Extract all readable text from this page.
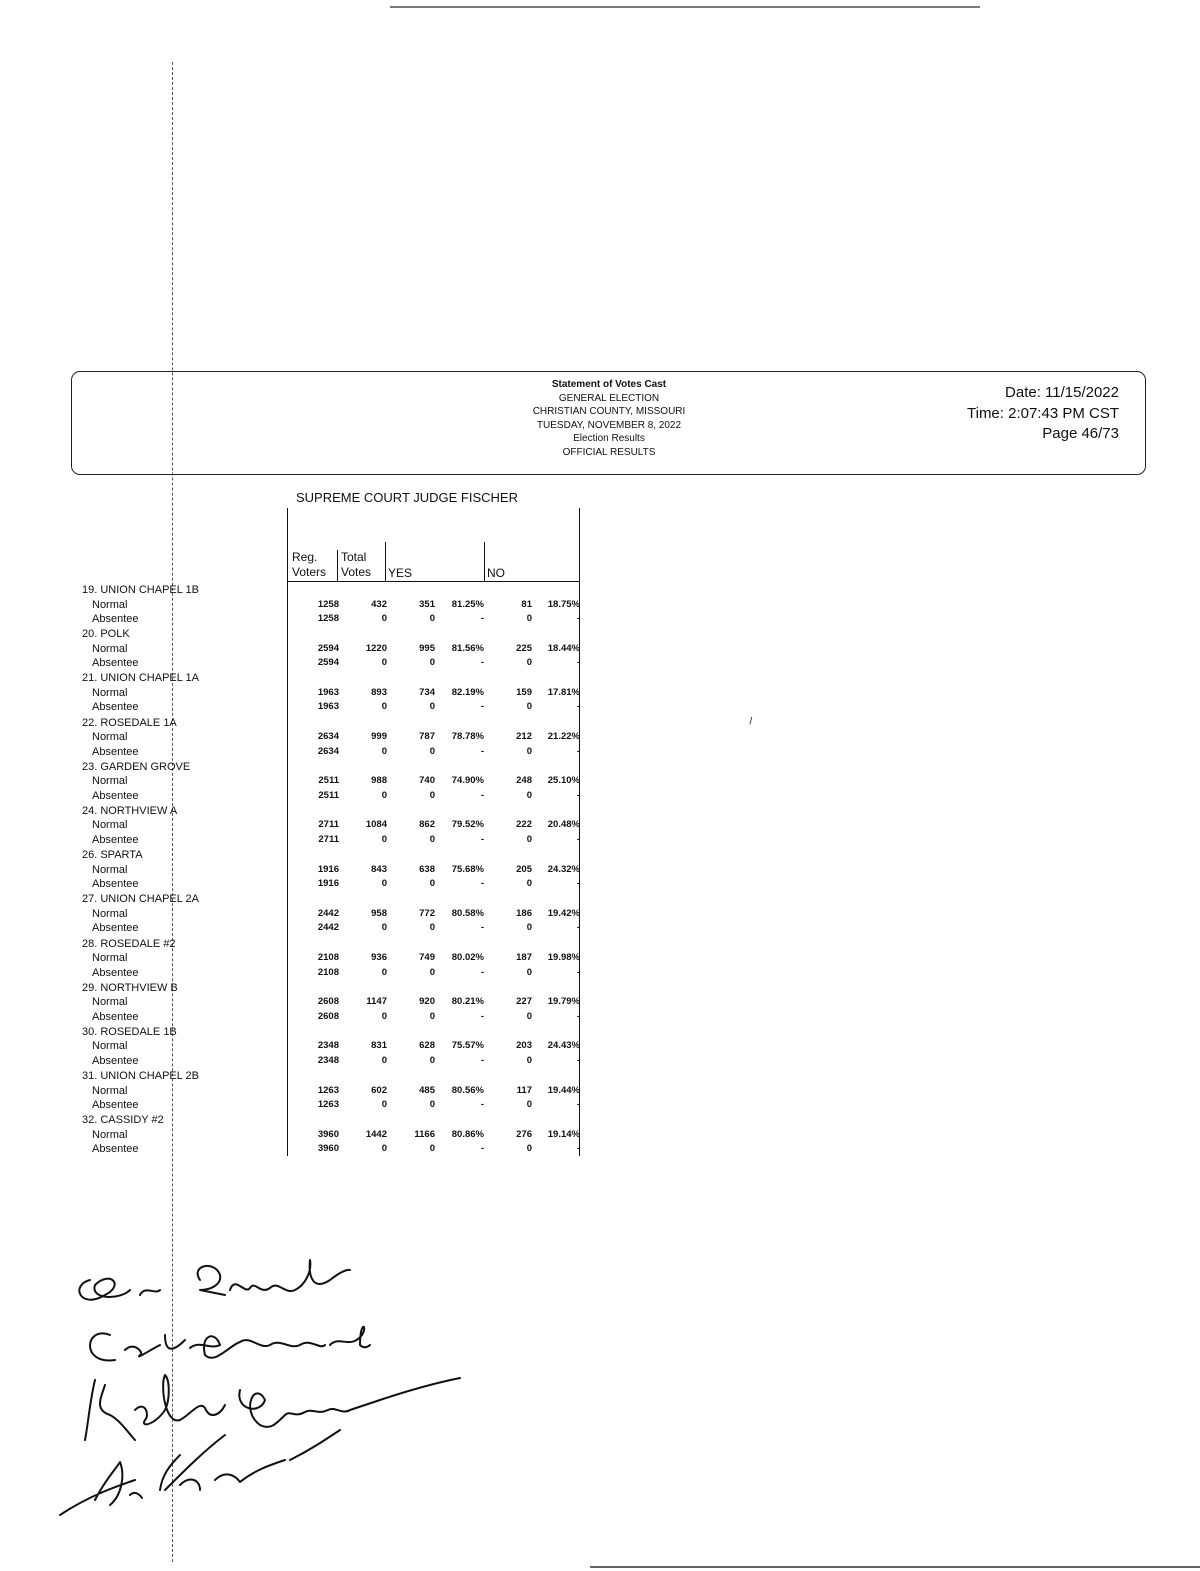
Statement of Votes Cast
GENERAL ELECTION
CHRISTIAN COUNTY, MISSOURI
TUESDAY, NOVEMBER 8, 2022
Election Results
OFFICIAL RESULTS
Date: 11/15/2022
Time: 2:07:43 PM CST
Page 46/73
SUPREME COURT JUDGE FISCHER
Reg.
Voters
Total
Votes YES	NO
19. UNION CHAPEL 1B
Normal	1258	432	351	81.25%	81	18.75%
Absentee	1258	0	0	-	0	-
20. POLK
Normal	2594	1220	995	81.56%	225	18.44%
Absentee	2594	0	0	-	0	-
21. UNION CHAPEL 1A
Normal	1963	893	734	82.19%	159	17.81%
Absentee	1963	0	0	-	0	-
22. ROSEDALE 1A
Normal	2634	999	787	78.78%	212	21.22%
Absentee	2634	0	0	-	0	-
23. GARDEN GROVE
Normal	2511	988	740	74.90%	248	25.10%
Absentee	2511	0	0	-	0	-
24. NORTHVIEW A
Normal	2711	1084	862	79.52%	222	20.48%
Absentee	2711	0	0	-	0	-
26. SPARTA
Normal	1916	843	638	75.68%	205	24.32%
Absentee	1916	0	0	-	0	-
27. UNION CHAPEL 2A
Normal	2442	958	772	80.58%	186	19.42%
Absentee	2442	0	0	-	0	-
28. ROSEDALE #2
Normal	2108	936	749	80.02%	187	19.98%
Absentee	2108	0	0	-	0	-
29. NORTHVIEW B
Normal	2608	1147	920	80.21%	227	19.79%
Absentee	2608	0	0	-	0	-
30. ROSEDALE 1B
Normal	2348	831	628	75.57%	203	24.43%
Absentee	2348	0	0	-	0	-
31. UNION CHAPEL 2B
Normal	1263	602	485	80.56%	117	19.44%
Absentee	1263	0	0	-	0	-
32. CASSIDY #2
Normal	3960	1442	1166	80.86%	276	19.14%
Absentee	3960	0	0	-	0	-
\
